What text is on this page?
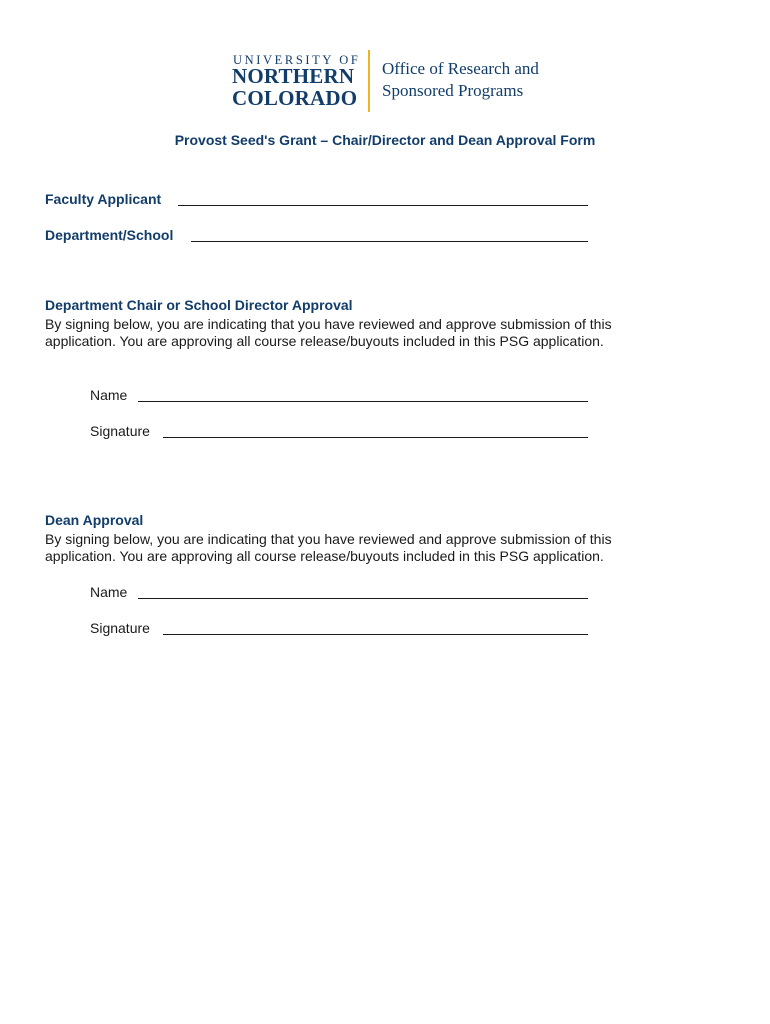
UNIVERSITY OF
NORTHERN
COLORADO
Office of Research and
Sponsored Programs
Provost Seed's Grant – Chair/Director and Dean Approval Form
Faculty Applicant
Department/School
Department Chair or School Director Approval
By signing below, you are indicating that you have reviewed and approve submission of this
application. You are approving all course release/buyouts included in this PSG application.
Name
Signature
Dean Approval
By signing below, you are indicating that you have reviewed and approve submission of this
application. You are approving all course release/buyouts included in this PSG application.
Name
Signature
